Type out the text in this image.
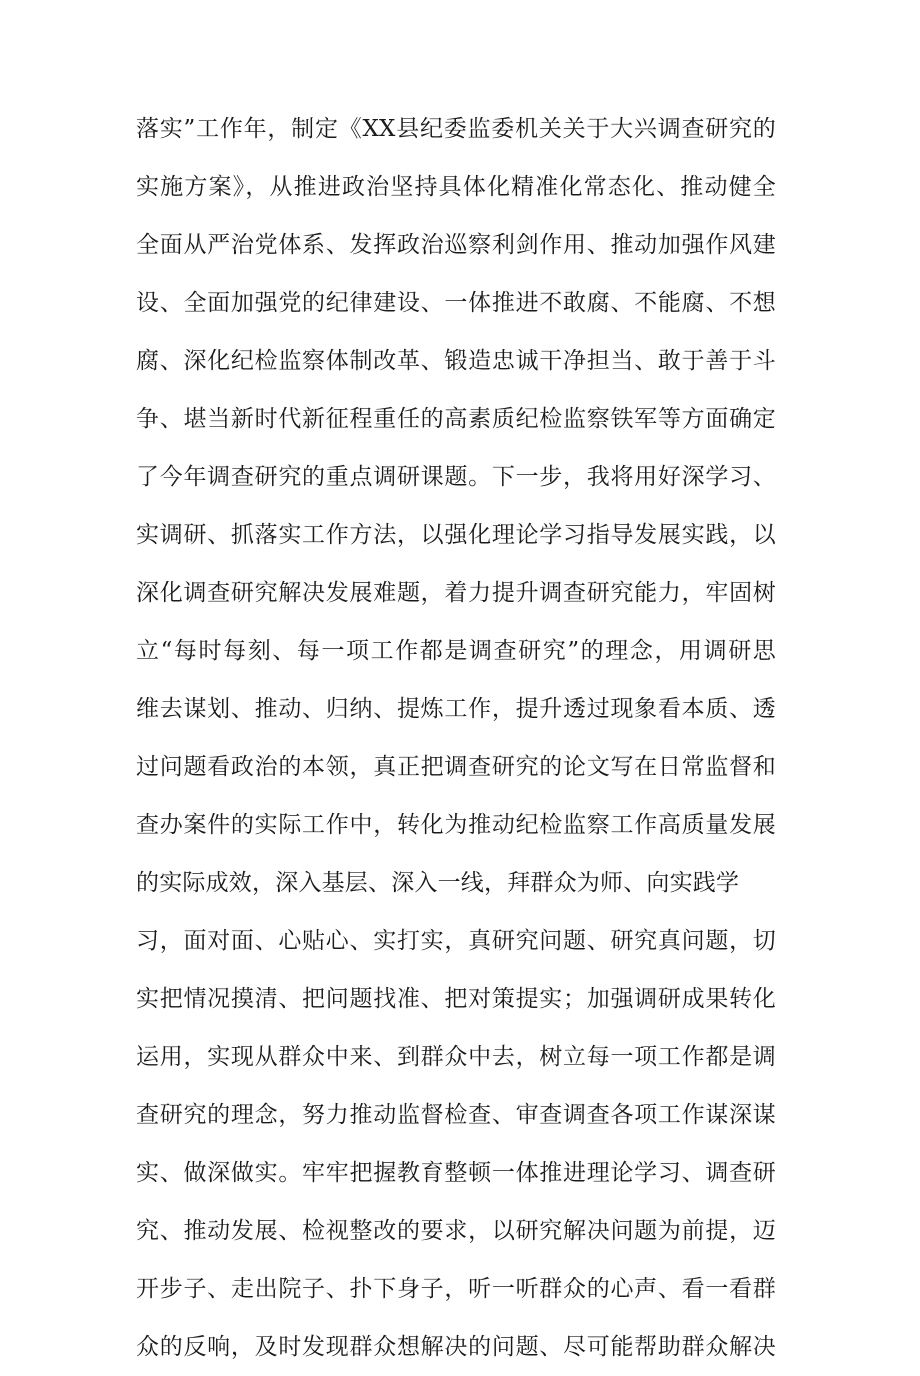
落实”工作年，制定《XX县纪委监委机关关于大兴调查研究的
实施方案》，从推进政治坚持具体化精准化常态化、推动健全
全面从严治党体系、发挥政治巡察利剑作用、推动加强作风建
设、全面加强党的纪律建设、一体推进不敢腐、不能腐、不想
腐、深化纪检监察体制改革、锻造忠诚干净担当、敢于善于斗
争、堪当新时代新征程重任的高素质纪检监察铁军等方面确定
了今年调查研究的重点调研课题。下一步，我将用好深学习、
实调研、抓落实工作方法，以强化理论学习指导发展实践，以
深化调查研究解决发展难题，着力提升调查研究能力，牢固树
立“每时每刻、每一项工作都是调查研究”的理念，用调研思
维去谋划、推动、归纳、提炼工作，提升透过现象看本质、透
过问题看政治的本领，真正把调查研究的论文写在日常监督和
查办案件的实际工作中，转化为推动纪检监察工作高质量发展
的实际成效，深入基层、深入一线，拜群众为师、向实践学
习，面对面、心贴心、实打实，真研究问题、研究真问题，切
实把情况摸清、把问题找准、把对策提实；加强调研成果转化
运用，实现从群众中来、到群众中去，树立每一项工作都是调
查研究的理念，努力推动监督检查、审查调查各项工作谋深谋
实、做深做实。牢牢把握教育整顿一体推进理论学习、调查研
究、推动发展、检视整改的要求，以研究解决问题为前提，迈
开步子、走出院子、扑下身子，听一听群众的心声、看一看群
众的反响，及时发现群众想解决的问题、尽可能帮助群众解决
